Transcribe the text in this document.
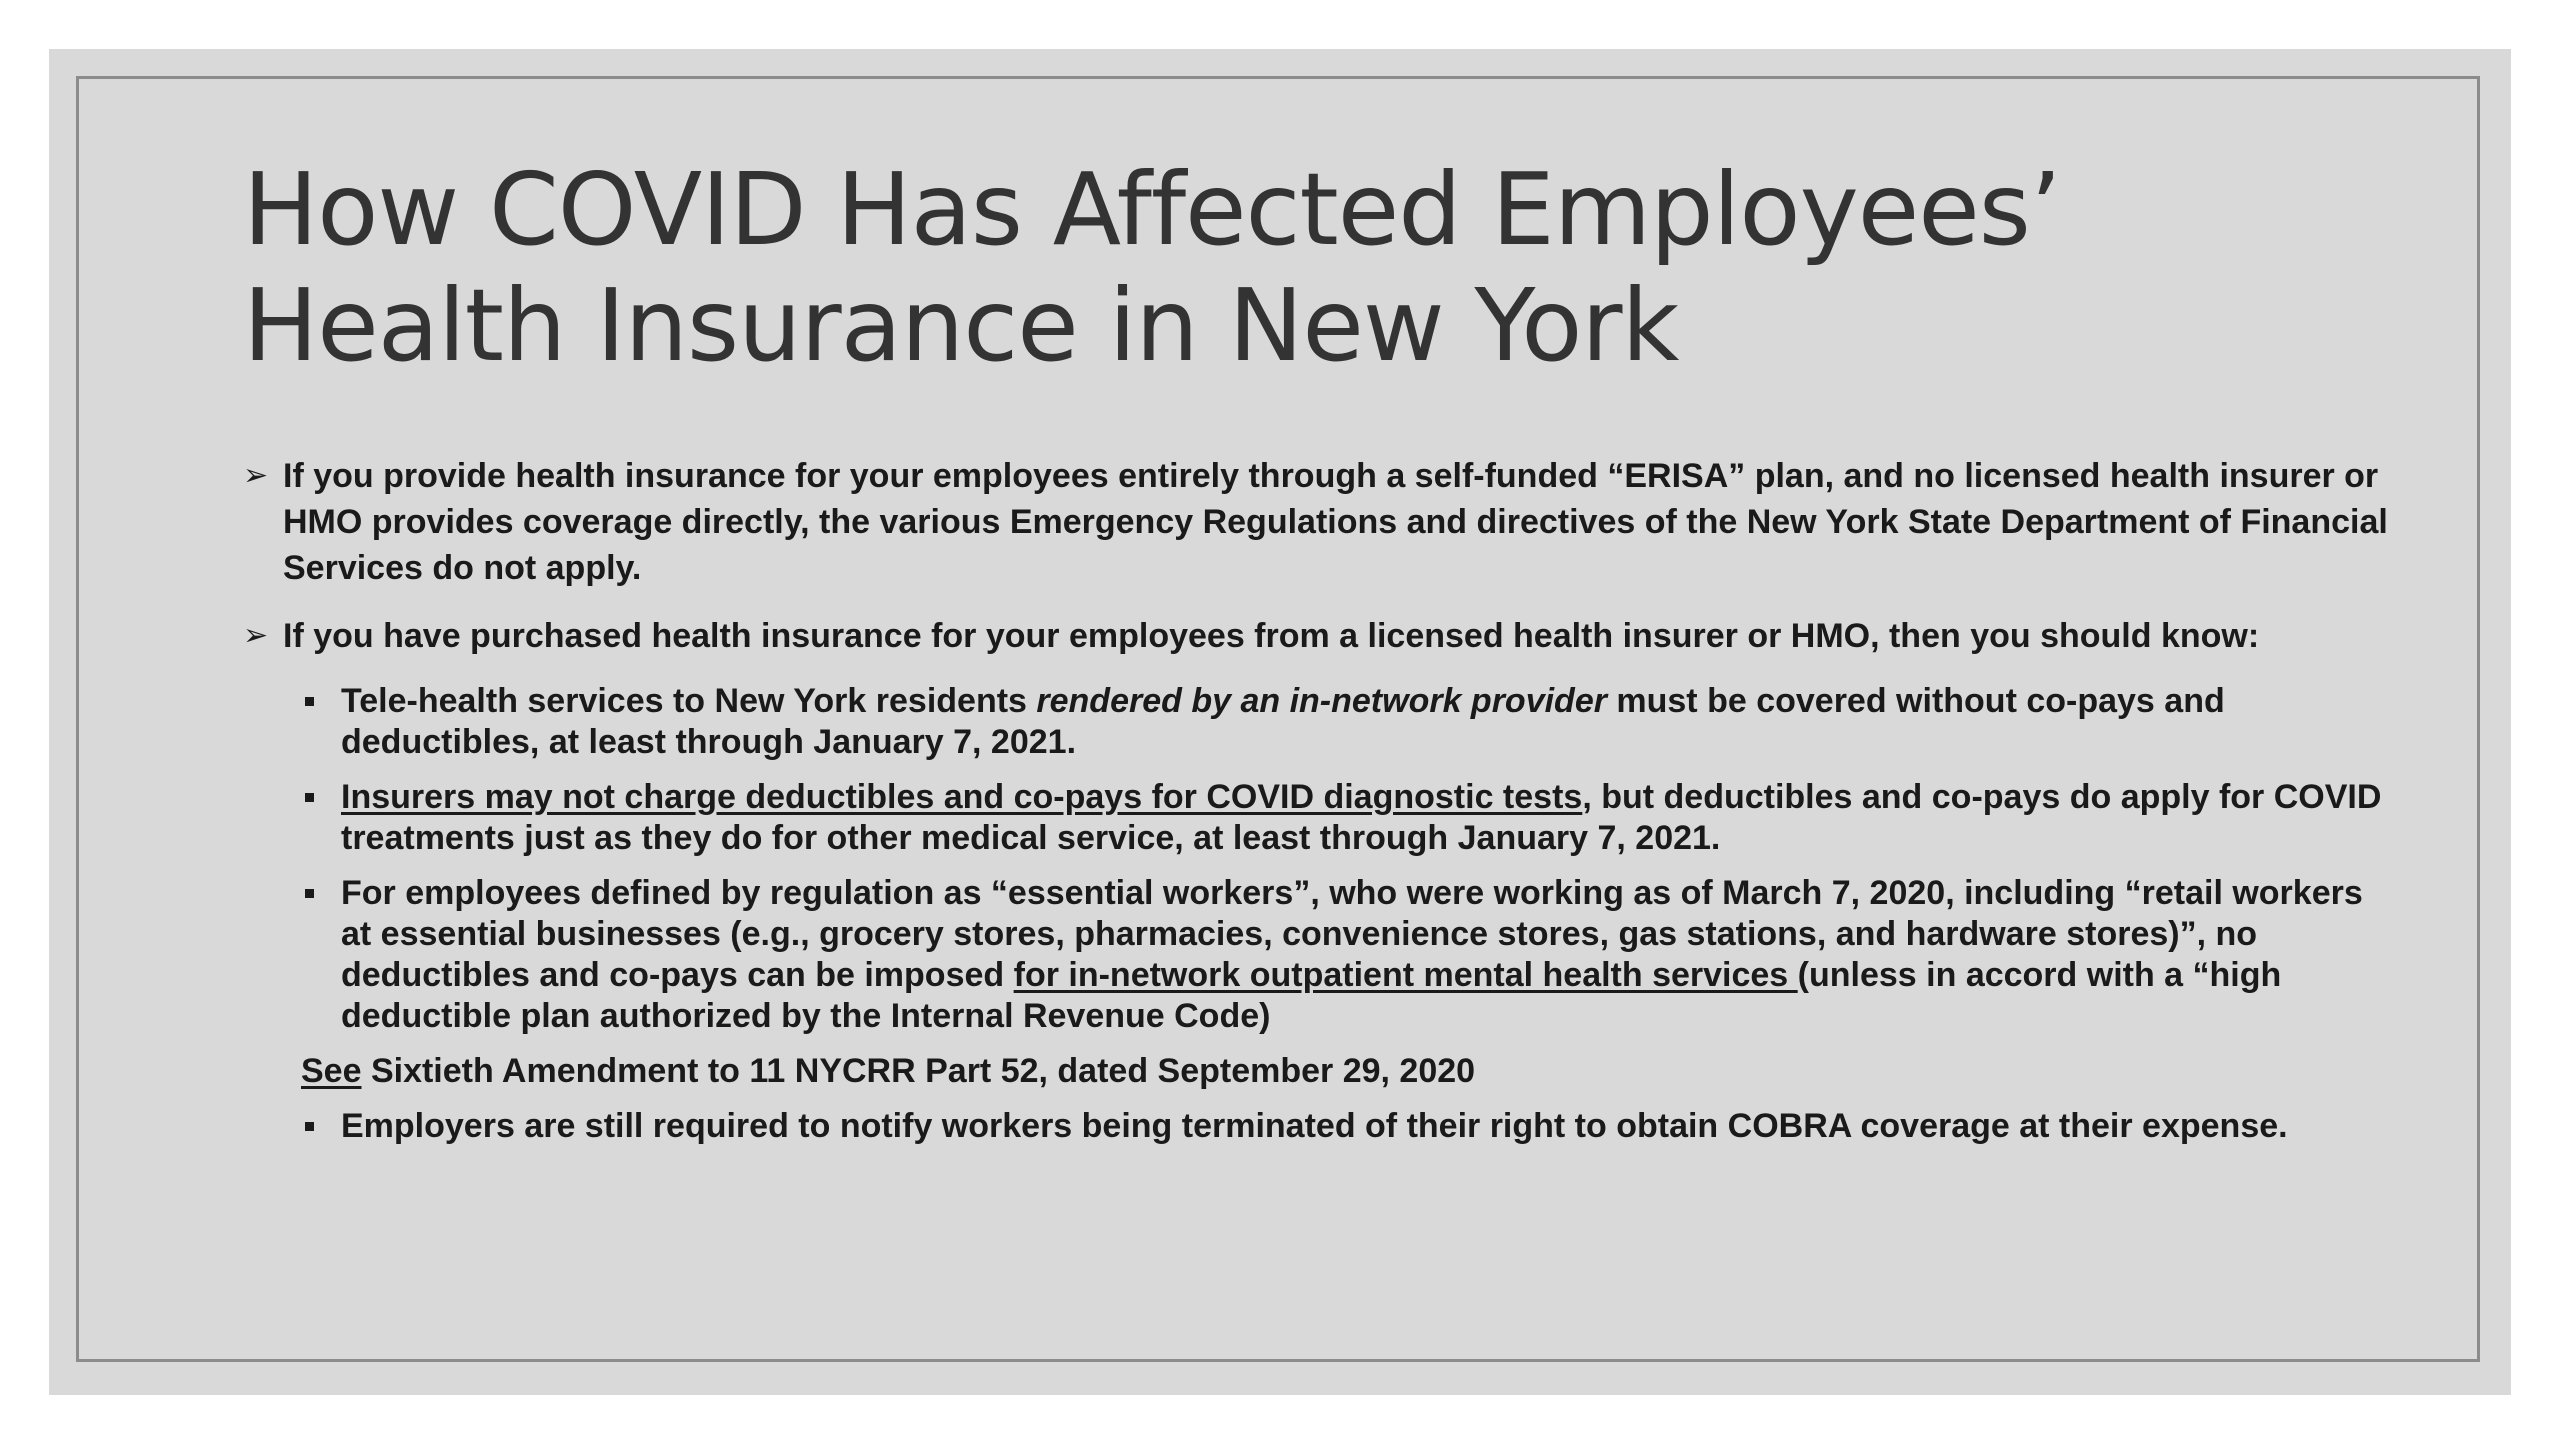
How COVID Has Affected Employees’
Health Insurance in New York
➢ If you provide health insurance for your employees entirely through a self-funded “ERISA” plan, and no licensed health insurer or HMO provides coverage directly, the various Emergency Regulations and directives of the New York State Department of Financial Services do not apply.
➢ If you have purchased health insurance for your employees from a licensed health insurer or HMO, then you should know:
Tele-health services to New York residents rendered by an in-network provider must be covered without co-pays and deductibles, at least through January 7, 2021.
Insurers may not charge deductibles and co-pays for COVID diagnostic tests, but deductibles and co-pays do apply for COVID treatments just as they do for other medical service, at least through January 7, 2021.
For employees defined by regulation as “essential workers”, who were working as of March 7, 2020, including “retail workers at essential businesses (e.g., grocery stores, pharmacies, convenience stores, gas stations, and hardware stores)”, no deductibles and co-pays can be imposed for in-network outpatient mental health services (unless in accord with a “high deductible plan authorized by the Internal Revenue Code)
See Sixtieth Amendment to 11 NYCRR Part 52, dated September 29, 2020
Employers are still required to notify workers being terminated of their right to obtain COBRA coverage at their expense.
